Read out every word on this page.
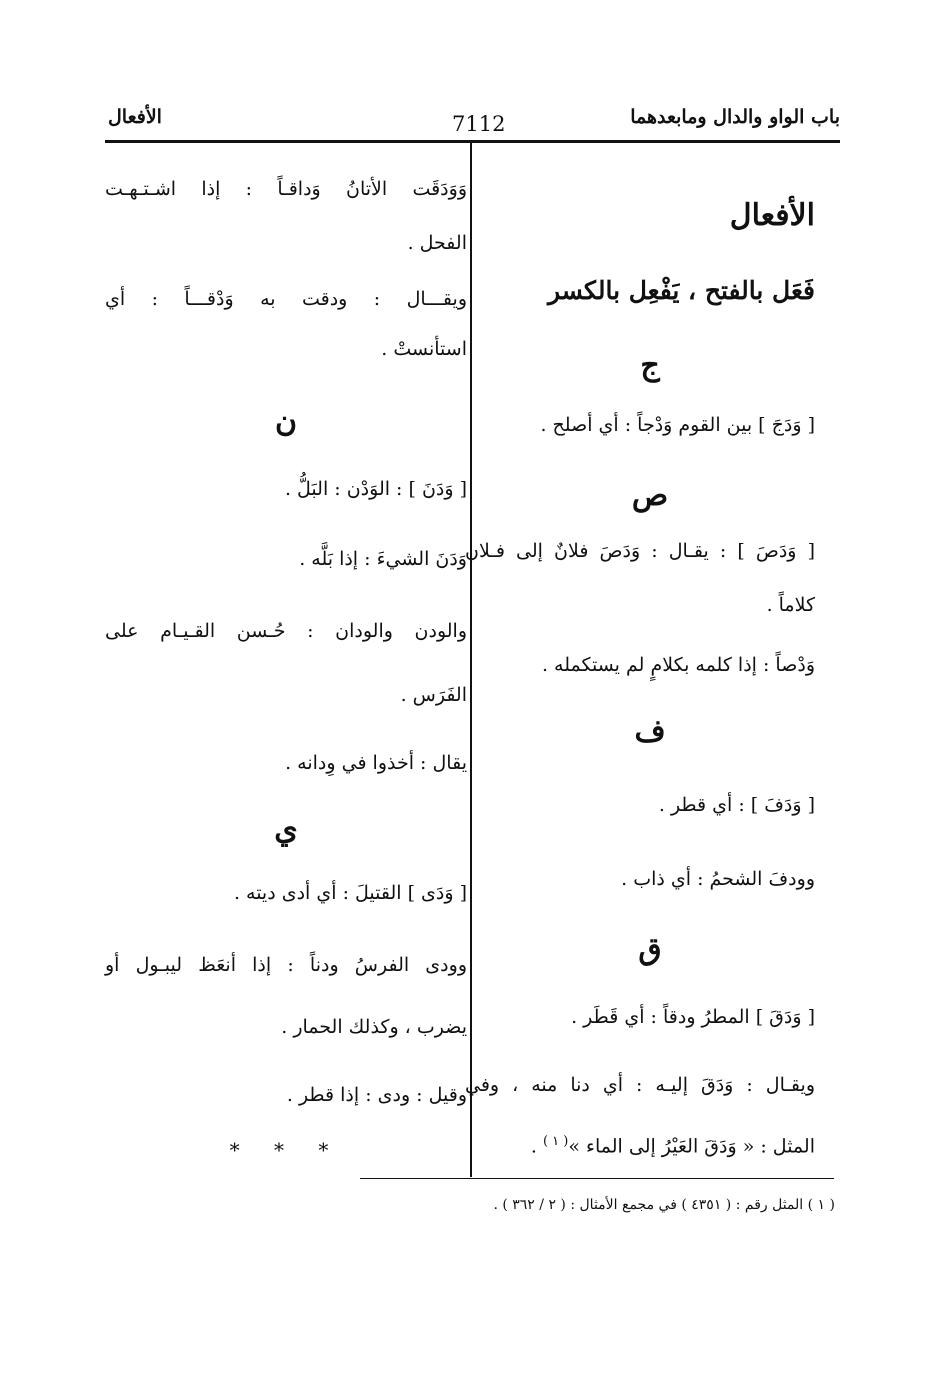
باب الواو والدال ومابعدهما
7112
الأفعال
الأفعال
فَعَل بالفتح ، يَفْعِل بالكسر
ج
[ وَدَجَ ] بين القوم وَدْجاً : أي أصلح .
ص
[ وَدَصَ ] : يقـال : وَدَصَ فلانٌ إلى فـلان
كلاماً .
وَدْصاً : إذا كلمه بكلامٍ لم يستكمله .
ف
[ وَدَفَ ] : أي قطر .
وودفَ الشحمُ : أي ذاب .
ق
[ وَدَقَ ] المطرُ ودقاً : أي قَطَر .
ويقـال : وَدَقَ إليـه : أي دنا منه ، وفي
المثل : « وَدَقَ العَيْرُ إلى الماء »$^{( ١ )}$ .
وَوَدَقَت الأتانُ وَداقـاً : إذا اشـتـهـت
الفحل .
ويقـــال : ودقت به وَدْقـــاً : أي
استأنستْ .
ن
[ وَدَنَ ] : الوَدْن : البَلُّ .
وَدَنَ الشيءَ : إذا بَلَّه .
والودن والودان : حُـسن القـيـام على
الفَرَس .
يقال : أخذوا في وِدانه .
ي
[ وَدَى ] القتيلَ : أي أدى ديته .
وودى الفرسُ ودناً : إذا أنعَظ ليبـول أو
يضرب ، وكذلك الحمار .
وقيل : ودى : إذا قطر .
* * *
( ١ ) المثل رقم : ( ٤٣٥١ ) في مجمع الأمثال : ( ٢ / ٣٦٢ ) .
